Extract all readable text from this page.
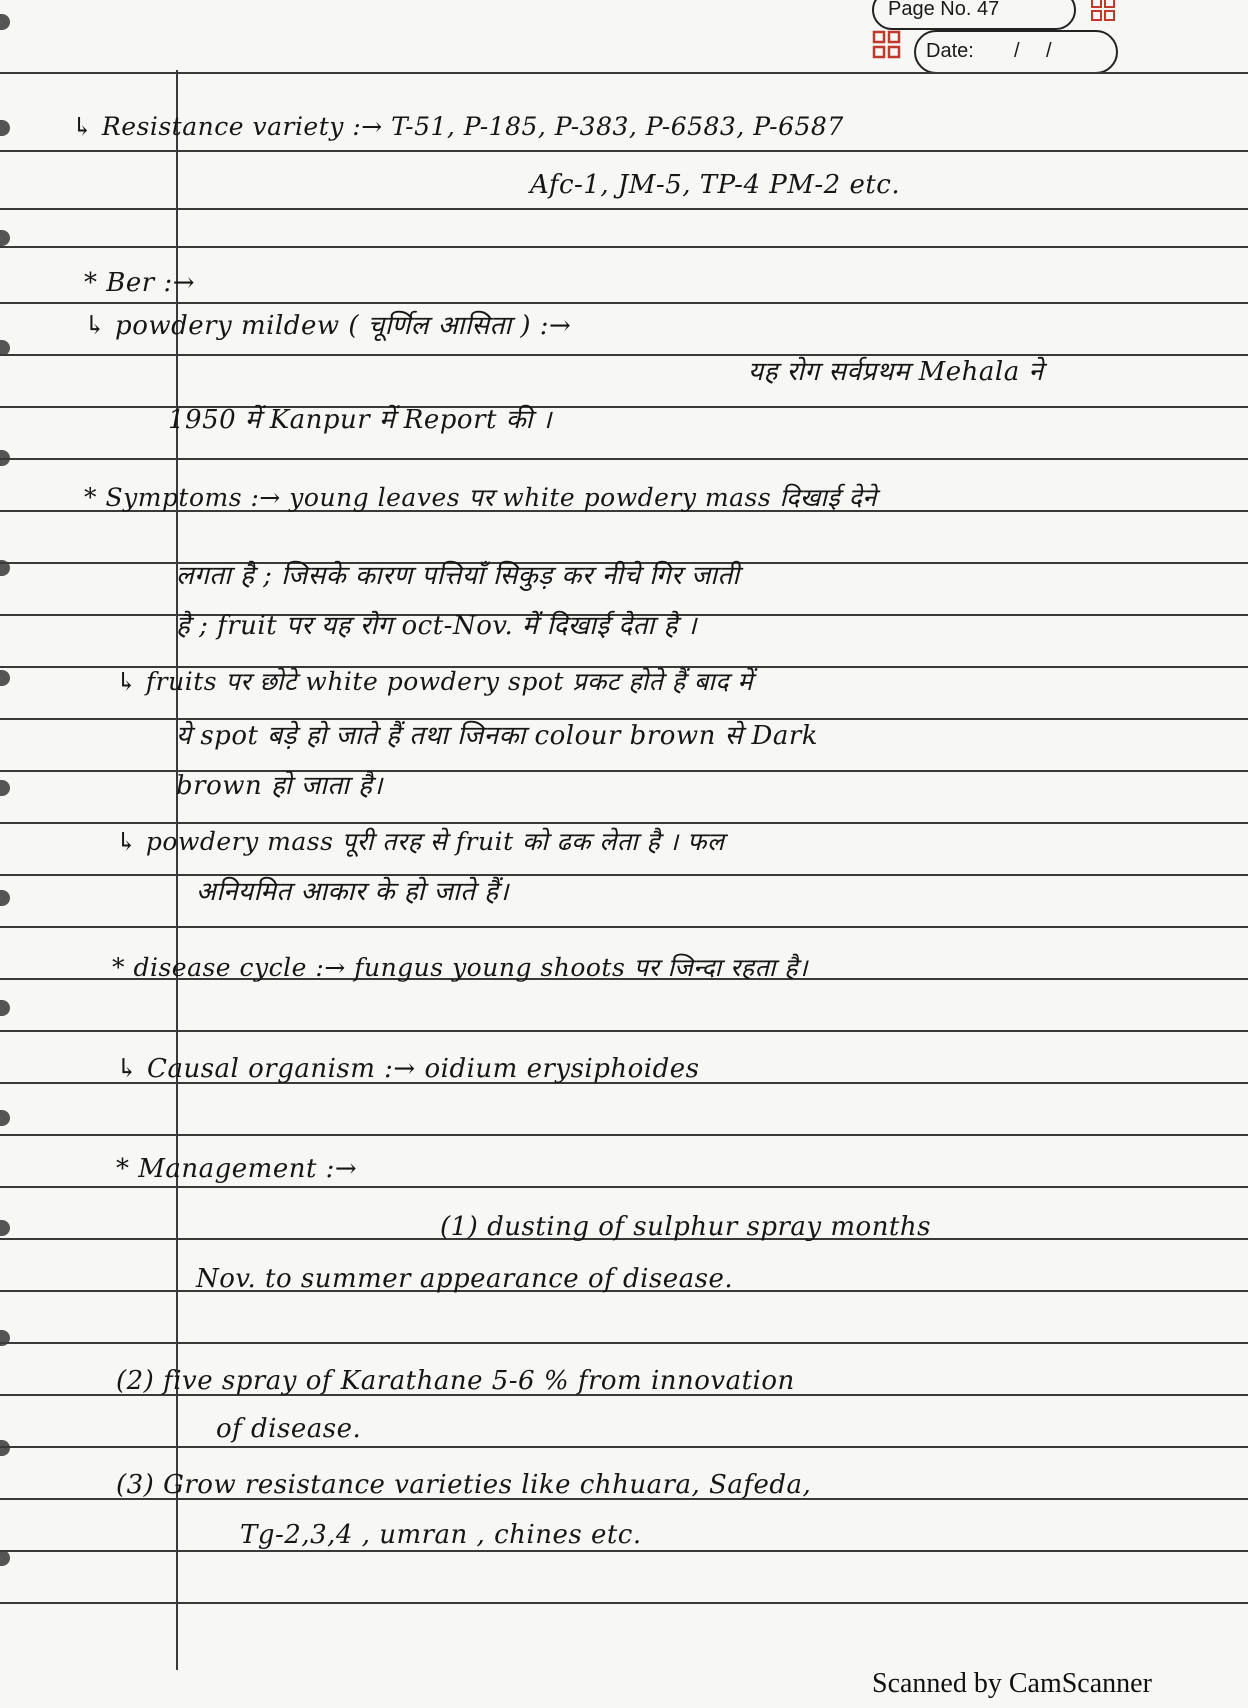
Page No. 47
Date: / /
↳ Resistance variety :→ T-51, P-185, P-383, P-6583, P-6587
Afc-1, JM-5, TP-4 PM-2 etc.
* Ber :→
↳ powdery mildew ( चूर्णिल आसिता ) :→
यह रोग सर्वप्रथम Mehala ने
1950 में Kanpur में Report की ।
* Symptoms :→ young leaves पर white powdery mass दिखाई देने
लगता है ; जिसके कारण पत्तियाँ सिकुड़ कर नीचे गिर जाती
है ; fruit पर यह रोग oct-Nov. में दिखाई देता है ।
↳ fruits पर छोटे white powdery spot प्रकट होते हैं बाद में
ये spot बड़े हो जाते हैं तथा जिनका colour brown से Dark
brown हो जाता है।
↳ powdery mass पूरी तरह से fruit को ढक लेता है । फल
अनियमित आकार के हो जाते हैं।
* disease cycle :→ fungus young shoots पर जिन्दा रहता है।
↳ Causal organism :→ oidium erysiphoides
* Management :→
(1) dusting of sulphur spray months
Nov. to summer appearance of disease.
(2) five spray of Karathane 5-6 % from innovation
of disease.
(3) Grow resistance varieties like chhuara, Safeda,
Tg-2,3,4 , umran , chines etc.
Scanned by CamScanner
